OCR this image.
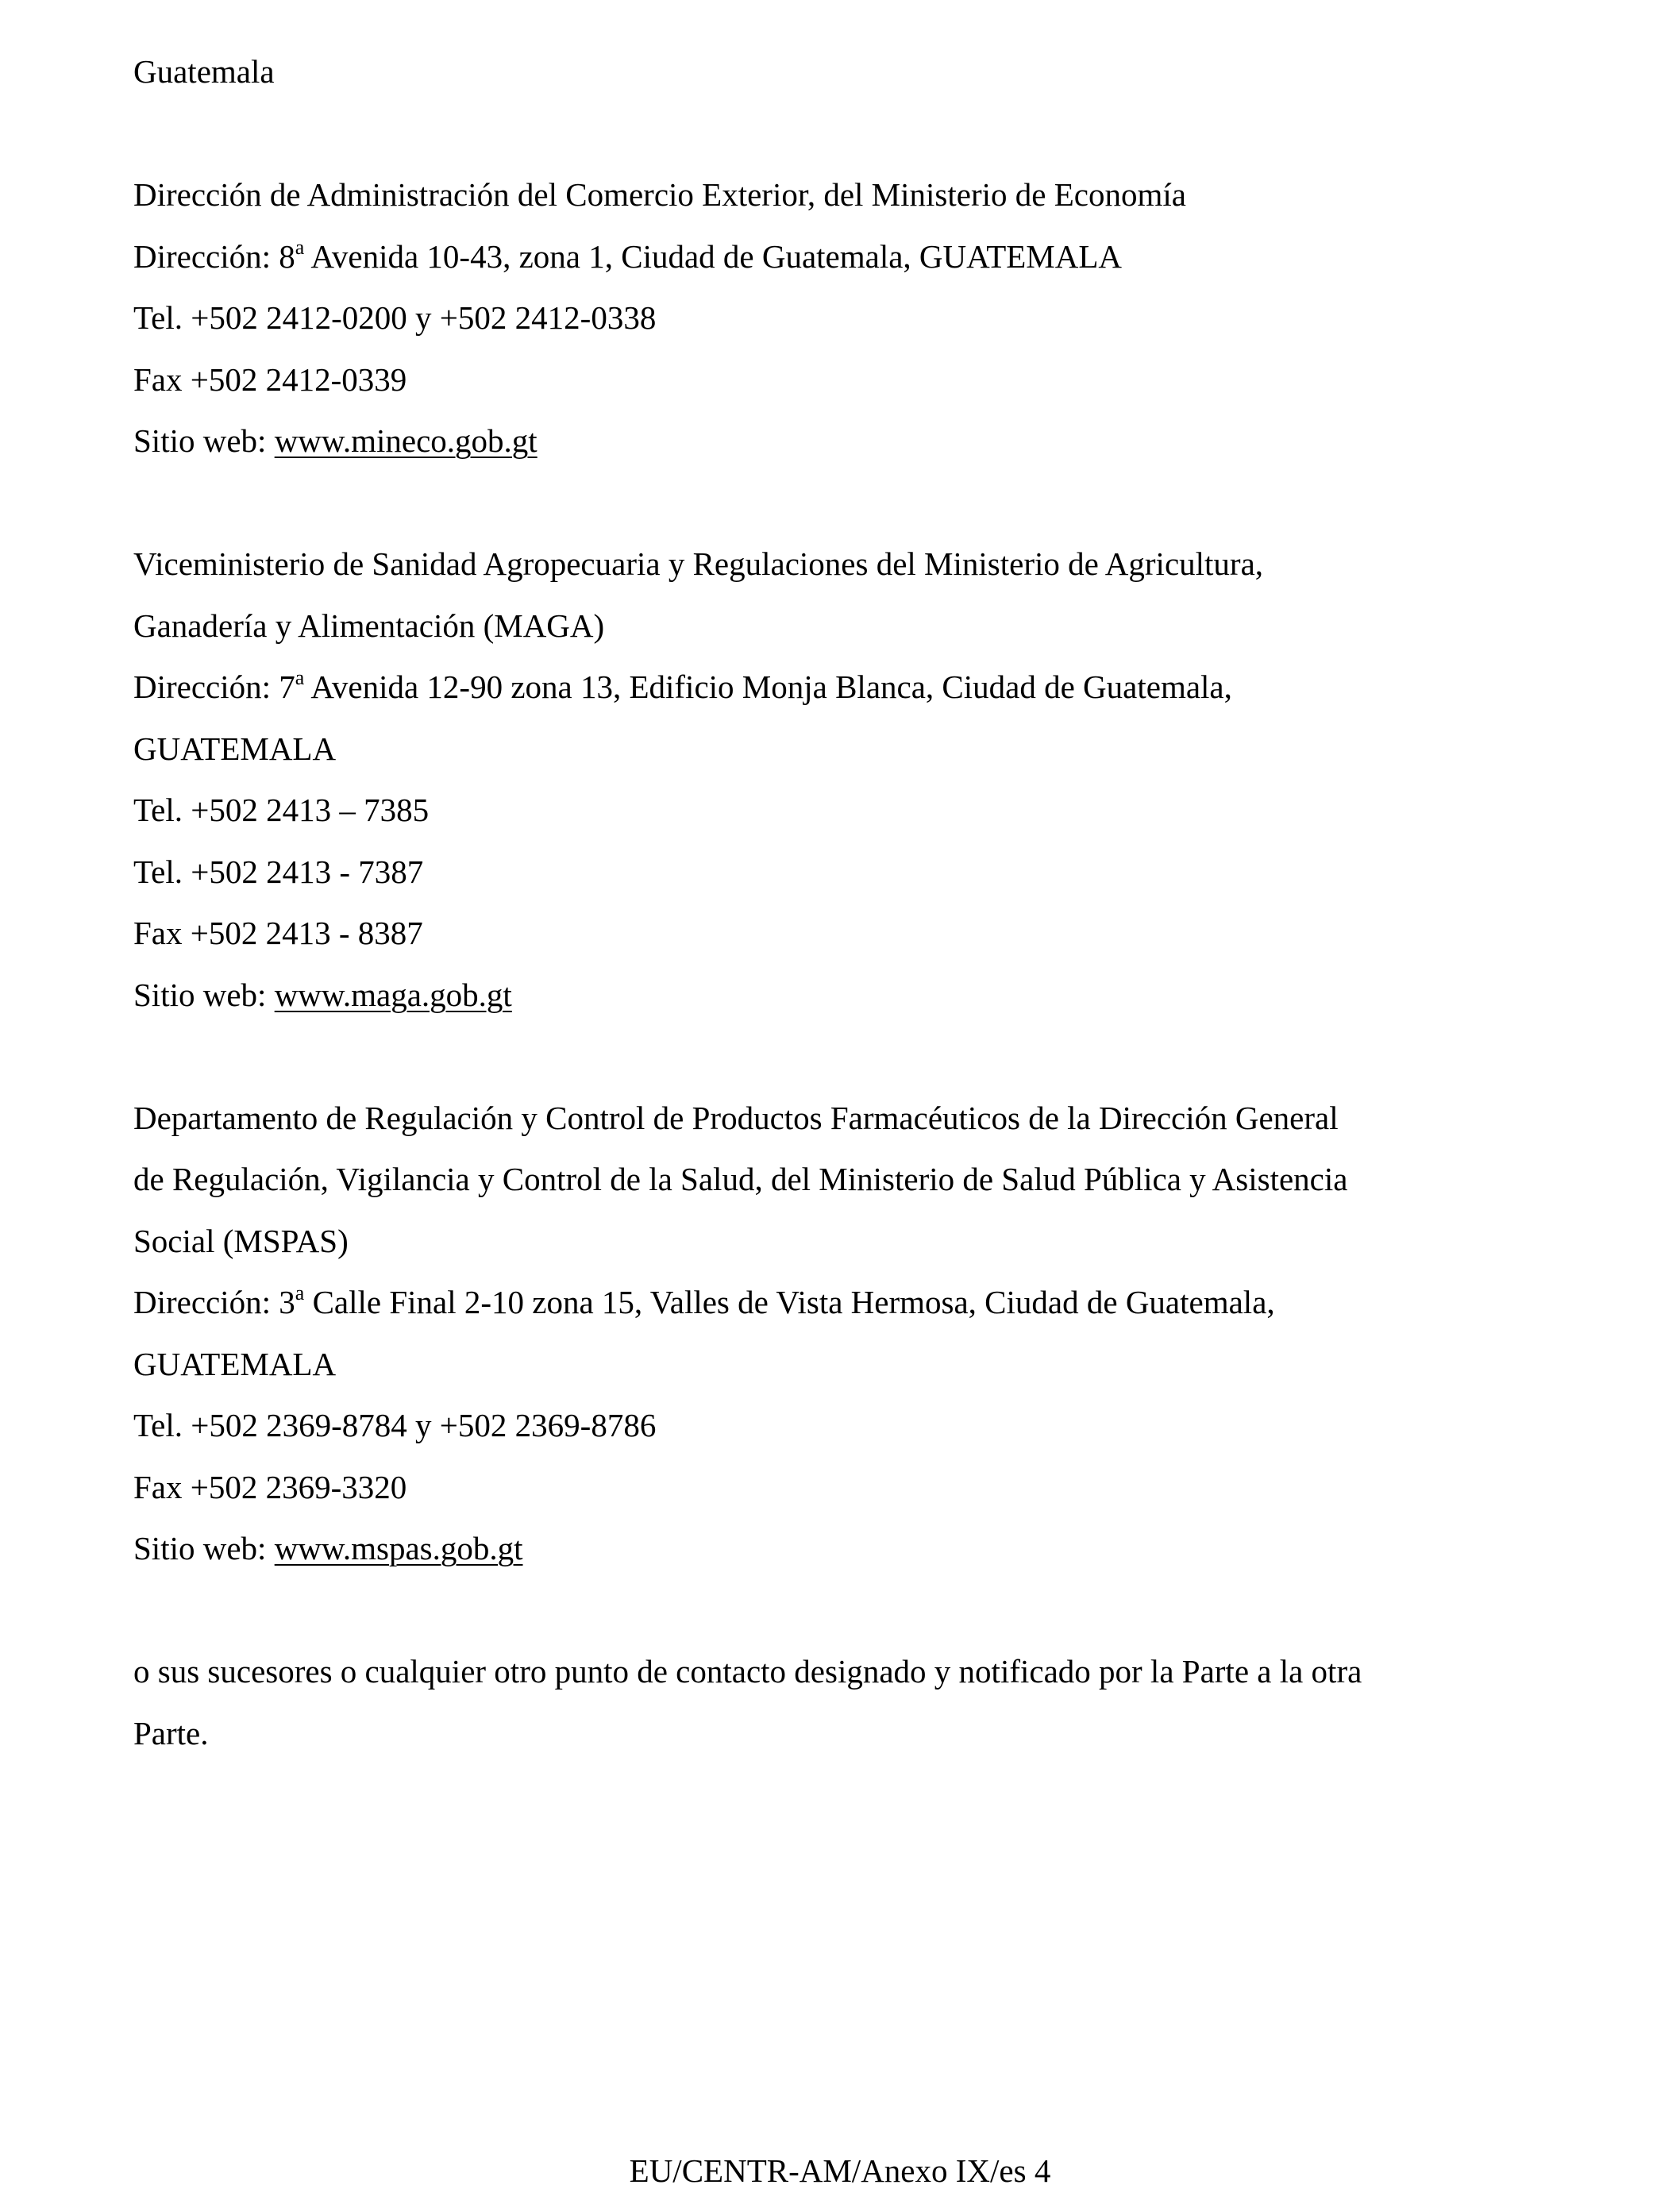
Guatemala
Dirección de Administración del Comercio Exterior, del Ministerio de Economía
Dirección: 8$^a$ Avenida 10-43, zona 1, Ciudad de Guatemala, GUATEMALA
Tel. +502 2412-0200 y +502 2412-0338
Fax +502 2412-0339
Sitio web: www.mineco.gob.gt
Viceministerio de Sanidad Agropecuaria y Regulaciones del Ministerio de Agricultura,
Ganadería y Alimentación (MAGA)
Dirección: 7$^a$ Avenida 12-90 zona 13, Edificio Monja Blanca, Ciudad de Guatemala,
GUATEMALA
Tel. +502 2413 – 7385
Tel. +502 2413 - 7387
Fax +502 2413 - 8387
Sitio web: www.maga.gob.gt
Departamento de Regulación y Control de Productos Farmacéuticos de la Dirección General
de Regulación, Vigilancia y Control de la Salud, del Ministerio de Salud Pública y Asistencia
Social (MSPAS)
Dirección: 3$^a$ Calle Final 2-10 zona 15, Valles de Vista Hermosa, Ciudad de Guatemala,
GUATEMALA
Tel. +502 2369-8784 y +502 2369-8786
Fax +502 2369-3320
Sitio web: www.mspas.gob.gt
o sus sucesores o cualquier otro punto de contacto designado y notificado por la Parte a la otra
Parte.
EU/CENTR-AM/Anexo IX/es 4
